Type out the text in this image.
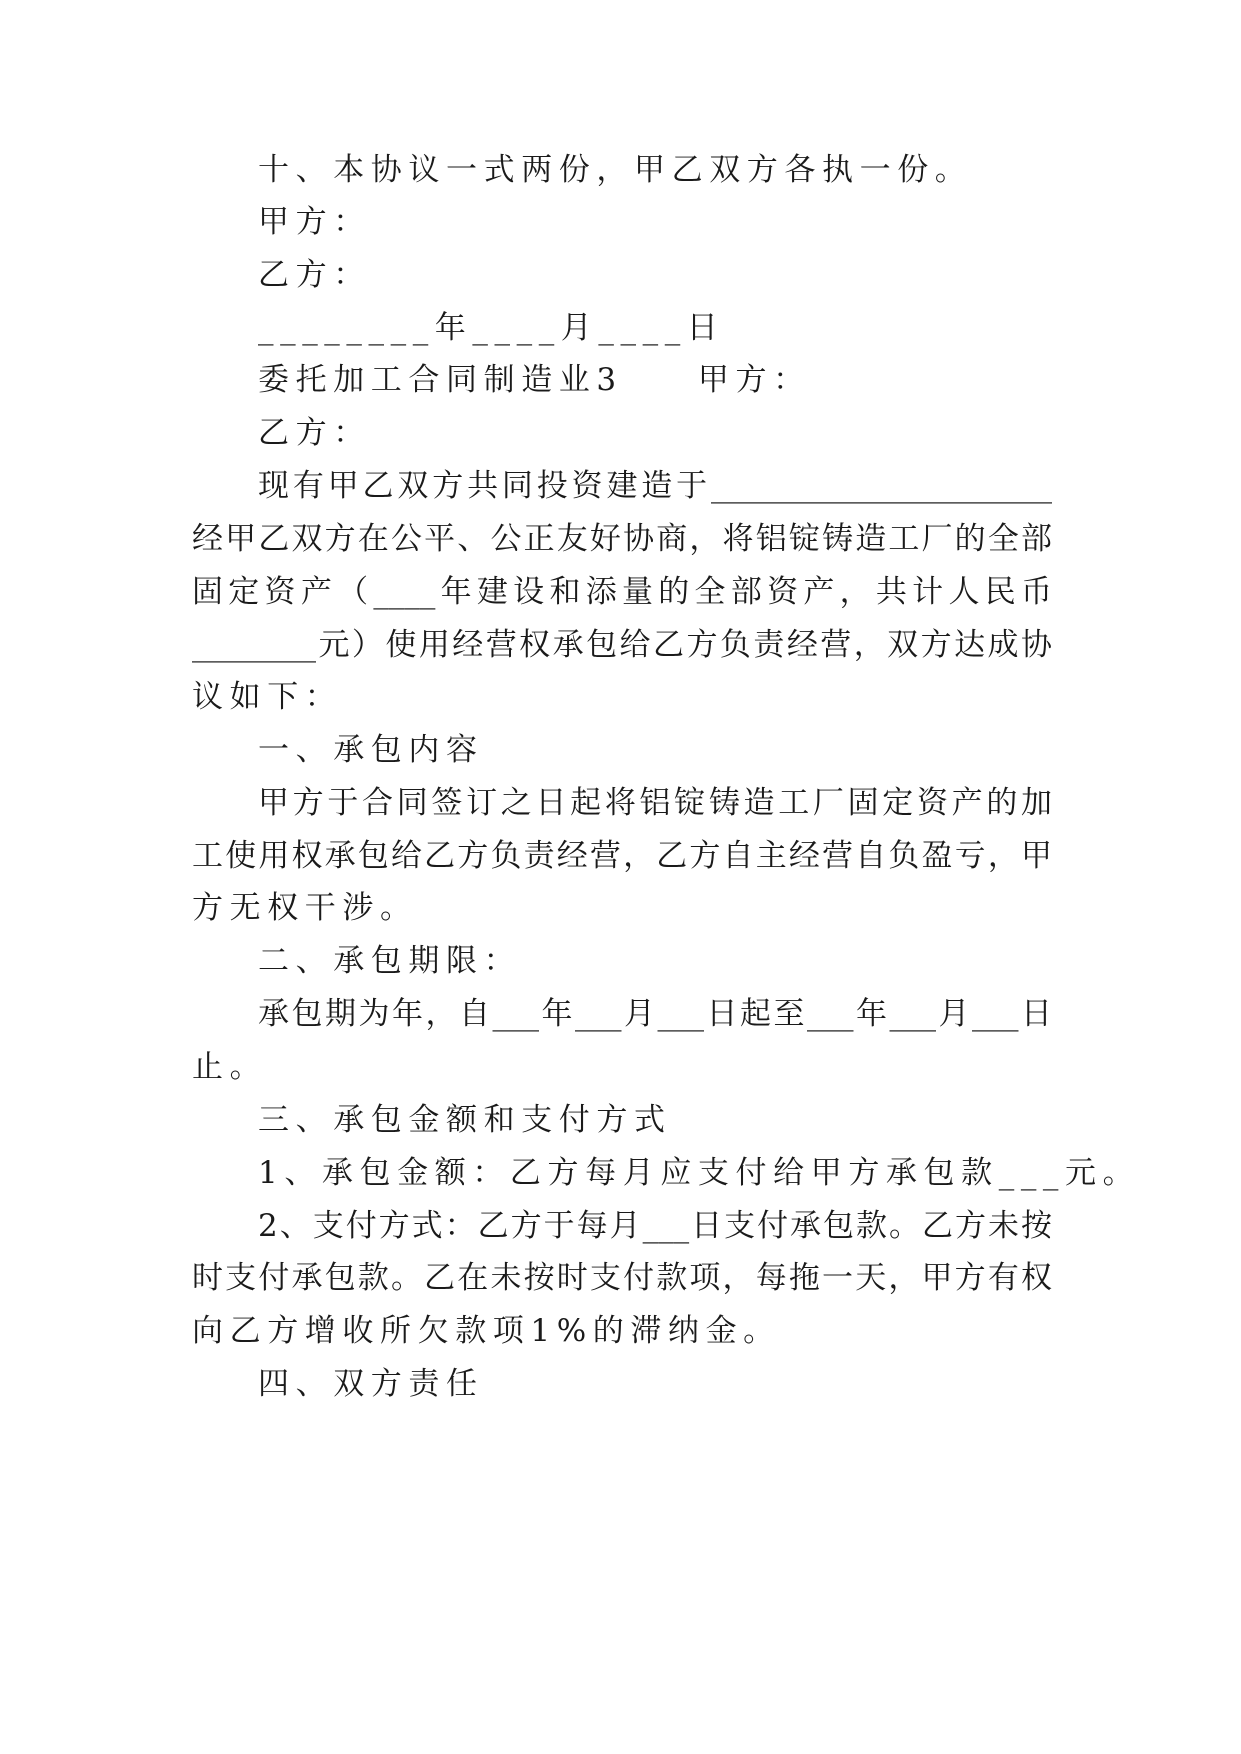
十、本协议一式两份，甲乙双方各执一份。
甲方：
乙方：
________年____月____日
委托加工合同制造业3　　甲方：
乙方：
现有甲乙双方共同投资建造于______________________
经甲乙双方在公平、公正友好协商，将铝锭铸造工厂的全部
固定资产（____年建设和添量的全部资产，共计人民币
________元）使用经营权承包给乙方负责经营，双方达成协
议如下：
一、承包内容
甲方于合同签订之日起将铝锭铸造工厂固定资产的加
工使用权承包给乙方负责经营，乙方自主经营自负盈亏，甲
方无权干涉。
二、承包期限：
承包期为年，自___年___月___日起至___年___月___日
止。
三、承包金额和支付方式
1、承包金额：乙方每月应支付给甲方承包款___元。
2、支付方式：乙方于每月___日支付承包款。乙方未按
时支付承包款。乙在未按时支付款项，每拖一天，甲方有权
向乙方增收所欠款项1%的滞纳金。
四、双方责任
